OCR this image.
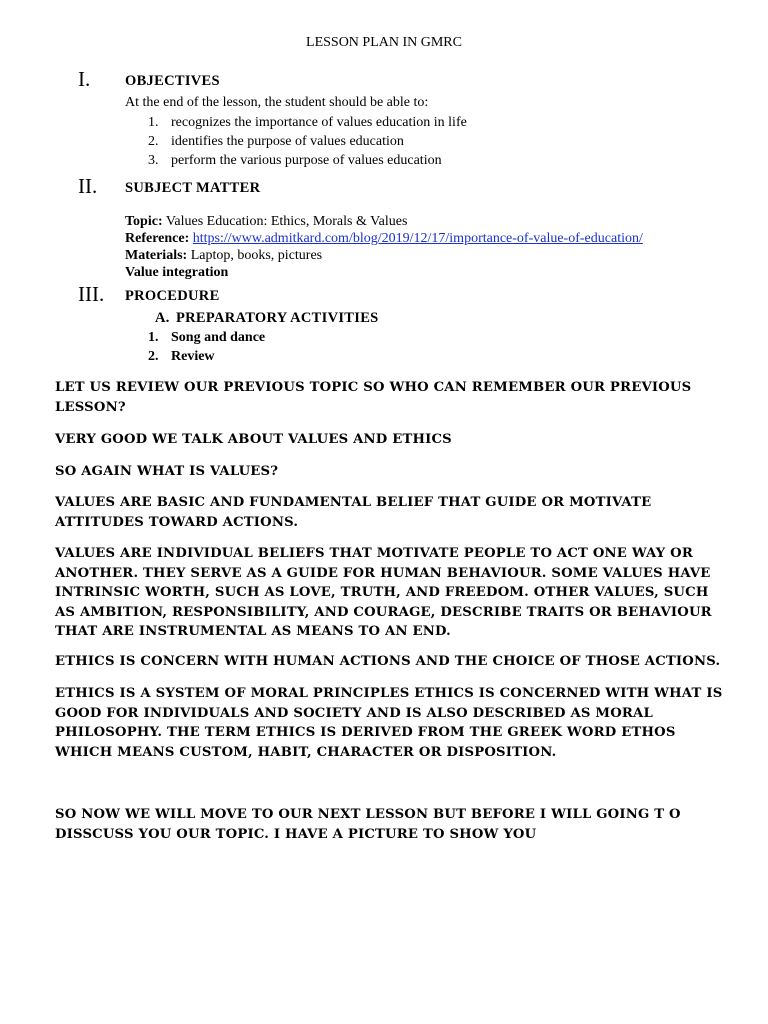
LESSON PLAN IN GMRC
I. OBJECTIVES
At the end of the lesson, the student should be able to:
1. recognizes the importance of values education in life
2. identifies the purpose of values education
3. perform the various purpose of values education
II. SUBJECT MATTER
Topic: Values Education: Ethics, Morals & Values
Reference: https://www.admitkard.com/blog/2019/12/17/importance-of-value-of-education/
Materials: Laptop, books, pictures
Value integration
III. PROCEDURE
A. PREPARATORY ACTIVITIES
1. Song and dance
2. Review

LET US REVIEW OUR PREVIOUS TOPIC SO WHO CAN REMEMBER OUR PREVIOUS LESSON?

VERY GOOD WE TALK ABOUT VALUES AND ETHICS

SO AGAIN WHAT IS VALUES?

VALUES ARE BASIC AND FUNDAMENTAL BELIEF THAT GUIDE OR MOTIVATE ATTITUDES TOWARD ACTIONS.

VALUES ARE INDIVIDUAL BELIEFS THAT MOTIVATE PEOPLE TO ACT ONE WAY OR ANOTHER. THEY SERVE AS A GUIDE FOR HUMAN BEHAVIOUR. SOME VALUES HAVE INTRINSIC WORTH, SUCH AS LOVE, TRUTH, AND FREEDOM. OTHER VALUES, SUCH AS AMBITION, RESPONSIBILITY, AND COURAGE, DESCRIBE TRAITS OR BEHAVIOUR THAT ARE INSTRUMENTAL AS MEANS TO AN END.

ETHICS IS CONCERN WITH HUMAN ACTIONS AND THE CHOICE OF THOSE ACTIONS.

ETHICS IS A SYSTEM OF MORAL PRINCIPLES ETHICS IS CONCERNED WITH WHAT IS GOOD FOR INDIVIDUALS AND SOCIETY AND IS ALSO DESCRIBED AS MORAL PHILOSOPHY. THE TERM ETHICS IS DERIVED FROM THE GREEK WORD ETHOS WHICH MEANS CUSTOM, HABIT, CHARACTER OR DISPOSITION.

SO NOW WE WILL MOVE TO OUR NEXT LESSON BUT BEFORE I WILL GOING T O DISSCUSS YOU OUR TOPIC. I HAVE A PICTURE TO SHOW YOU
